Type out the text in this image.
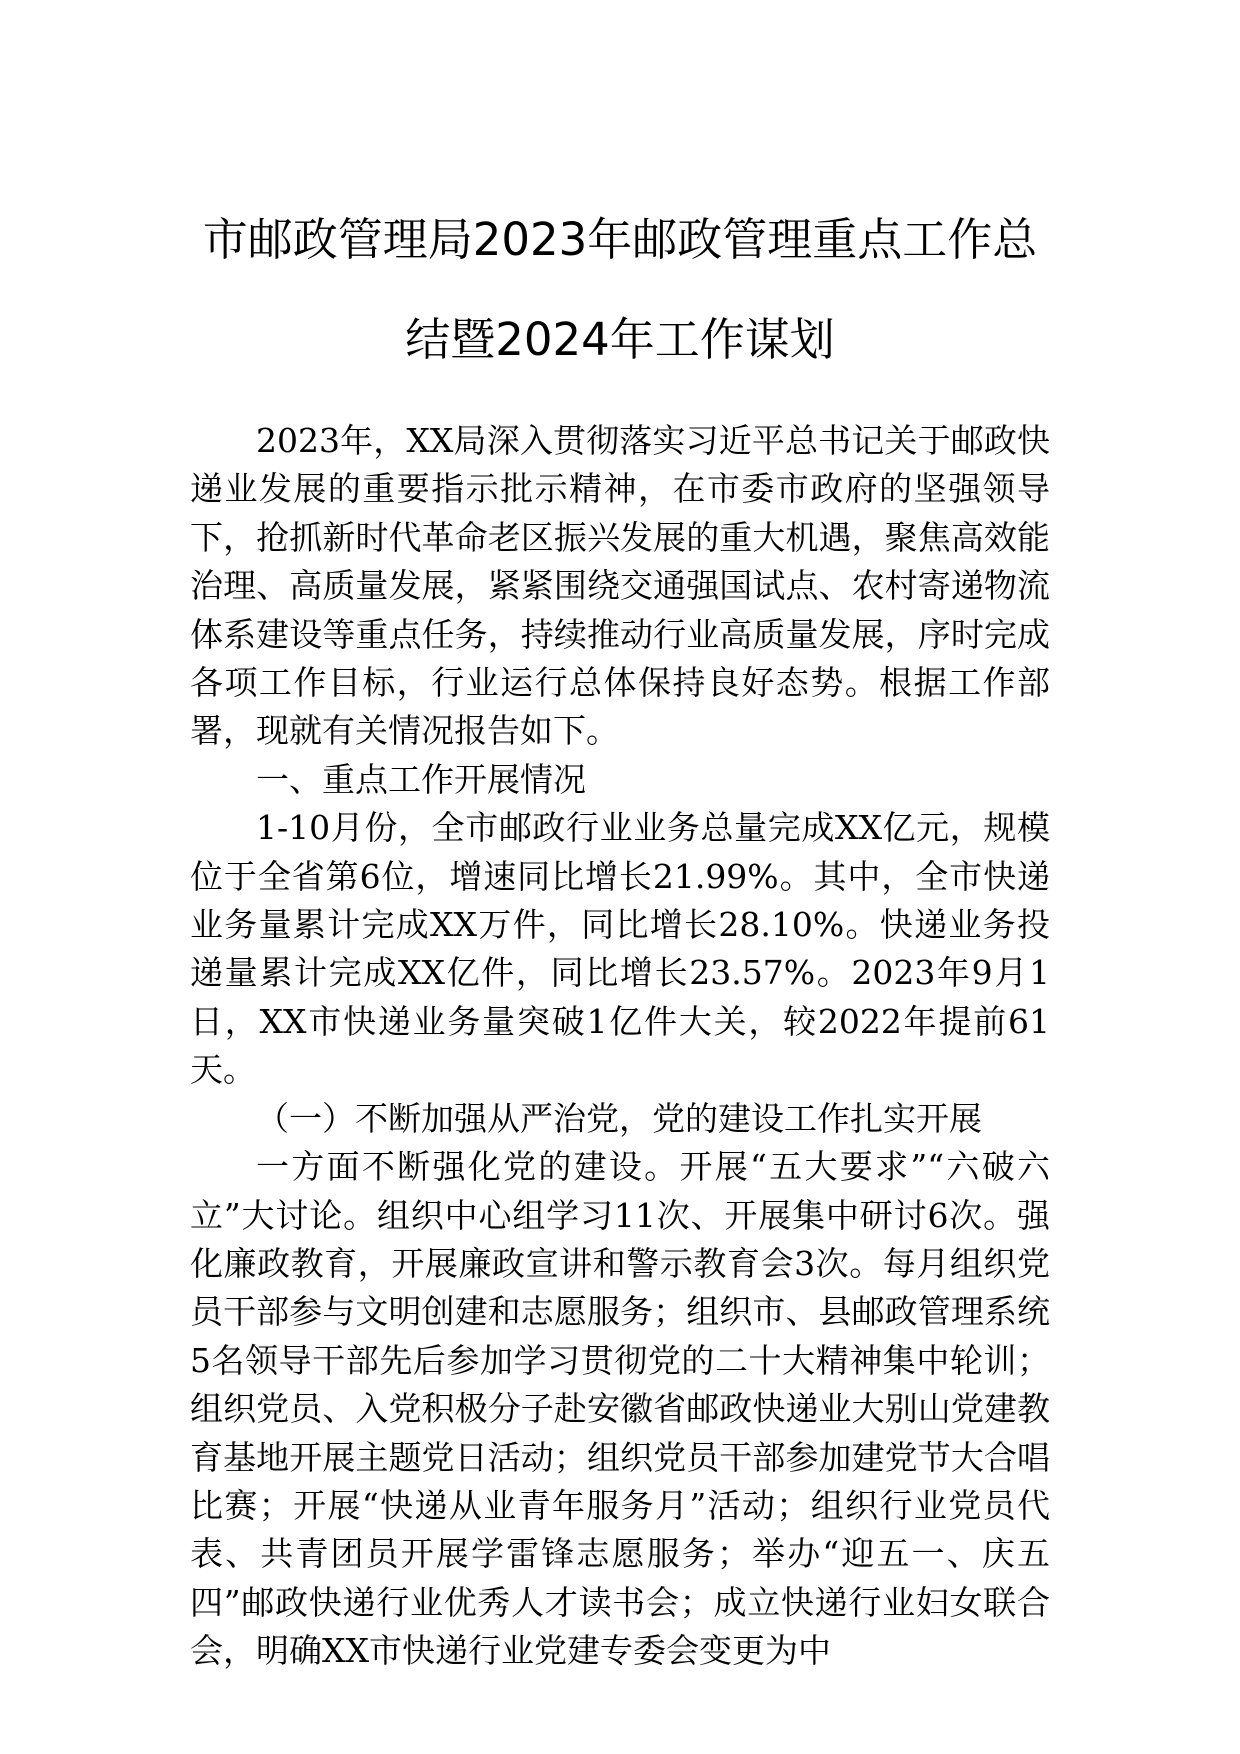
市邮政管理局2023年邮政管理重点工作总
结暨2024年工作谋划

2023年，XX局深入贯彻落实习近平总书记关于邮政快递业发展的重要指示批示精神，在市委市政府的坚强领导下，抢抓新时代革命老区振兴发展的重大机遇，聚焦高效能治理、高质量发展，紧紧围绕交通强国试点、农村寄递物流体系建设等重点任务，持续推动行业高质量发展，序时完成各项工作目标，行业运行总体保持良好态势。根据工作部署，现就有关情况报告如下。

一、重点工作开展情况

1-10月份，全市邮政行业业务总量完成XX亿元，规模位于全省第6位，增速同比增长21.99%。其中，全市快递业务量累计完成XX万件，同比增长28.10%。快递业务投递量累计完成XX亿件，同比增长23.57%。2023年9月1日，XX市快递业务量突破1亿件大关，较2022年提前61天。

（一）不断加强从严治党，党的建设工作扎实开展

一方面不断强化党的建设。开展“五大要求”“六破六立”大讨论。组织中心组学习11次、开展集中研讨6次。强化廉政教育，开展廉政宣讲和警示教育会3次。每月组织党员干部参与文明创建和志愿服务；组织市、县邮政管理系统5名领导干部先后参加学习贯彻党的二十大精神集中轮训；组织党员、入党积极分子赴安徽省邮政快递业大别山党建教育基地开展主题党日活动；组织党员干部参加建党节大合唱比赛；开展“快递从业青年服务月”活动；组织行业党员代表、共青团员开展学雷锋志愿服务；举办“迎五一、庆五四”邮政快递行业优秀人才读书会；成立快递行业妇女联合会，明确XX市快递行业党建专委会变更为中
